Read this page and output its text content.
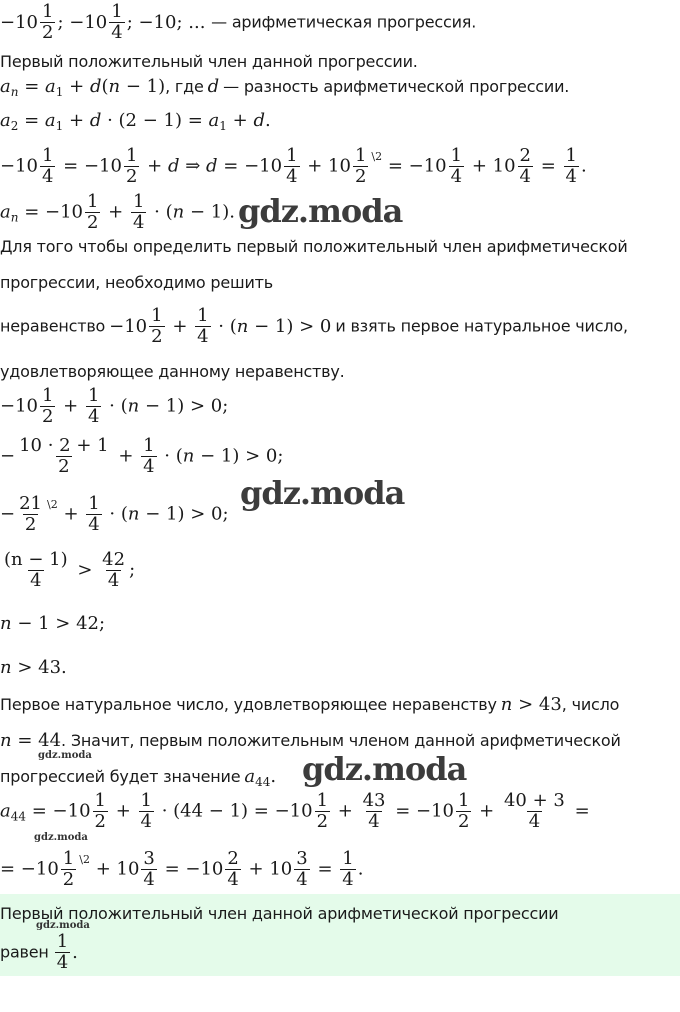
$-10 \frac{1}{2}$ ; $-10 \frac{1}{4}$ ; −10; ... — арифметическая прогрессия.
Первый положительный член данной прогрессии.
$a_n = a_1 + d(n - 1)$, где d — разность арифметической прогрессии.
$a_2 = a_1 + d \cdot (2 - 1) = a_1 + d$.
$-10 \frac{1}{4} = -10 \frac{1}{2} + d$ ⇒ $d = -10 \frac{1}{4} + 10 \frac{1}{2} ^{\backslash 2} = -10 \frac{1}{4} + 10 \frac{2}{4} = \frac{1}{4}$ .
$a_n = -10 \frac{1}{2} + \frac{1}{4} \cdot (n - 1)$. gdz.moda
Для того чтобы определить первый положительный член арифметической
прогрессии, необходимо решить
неравенство $-10 \frac{1}{2} + \frac{1}{4} \cdot (n - 1) > 0$ и взять первое натуральное число,
удовлетворяющее данному неравенству.
$-10 \frac{1}{2} + \frac{1}{4} \cdot (n - 1) > 0$;
− $\frac{10 \cdot 2 + 1}{2} + \frac{1}{4} \cdot (n - 1) > 0$;
− $\frac{21}{2} ^{\backslash 2} + \frac{1}{4} \cdot (n - 1) > 0$;
gdz.moda
$\frac{(n - 1)}{4} > \frac{42}{4}$ ;
n − 1 > 42;
n > 43.
Первое натуральное число, удовлетворяющее неравенству n > 43, число
n = 44. Значит, первым положительным членом данной арифметической
gdz.moda
прогрессией будет значение $a_{44}$. gdz.moda
$a_{44} = -10 \frac{1}{2} + \frac{1}{4} \cdot (44 - 1) = -10 \frac{1}{2} + \frac{43}{4} = -10 \frac{1}{2} + \frac{40 + 3}{4}$ =
gdz.moda
= $-10 \frac{1}{2} ^{\backslash 2} + 10 \frac{3}{4} = -10 \frac{2}{4} + 10 \frac{3}{4} = \frac{1}{4}$ .
Первый положительный член данной арифметической прогрессии
gdz.moda
равен $\frac{1}{4}$ .
